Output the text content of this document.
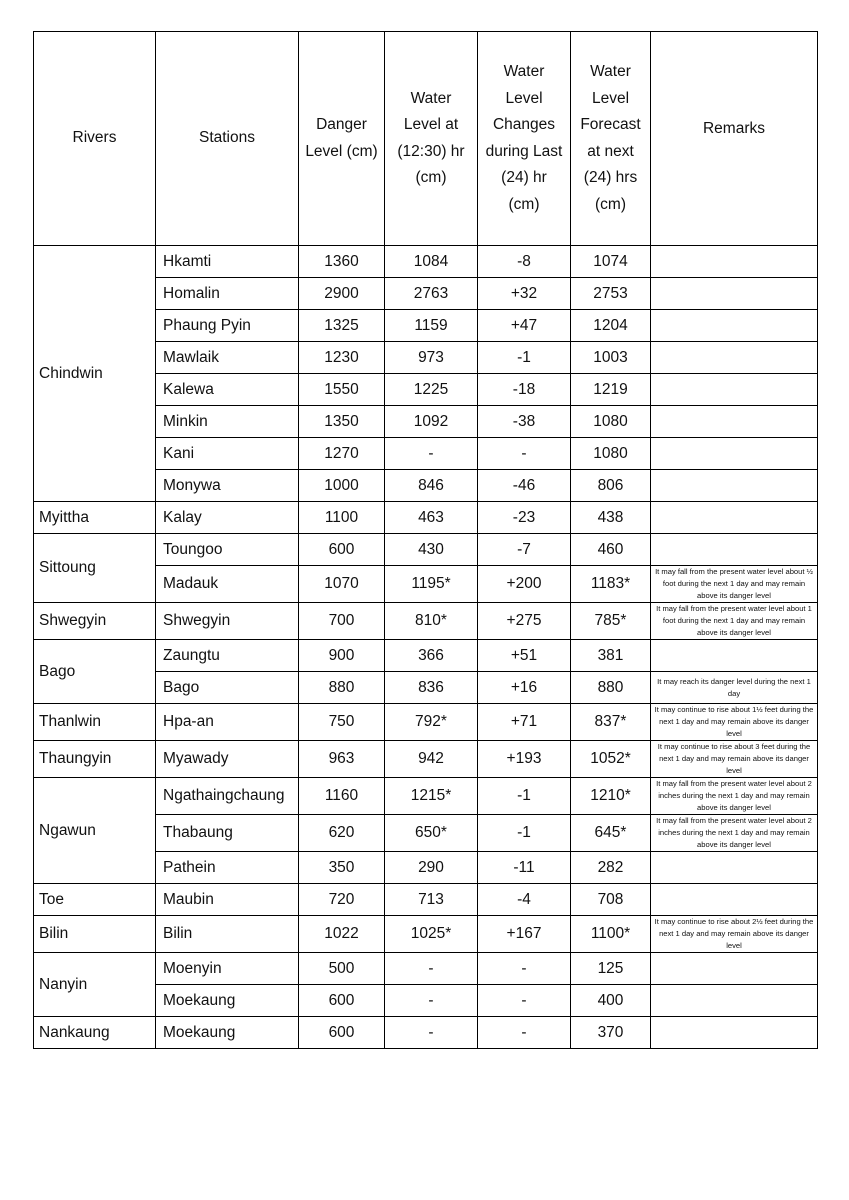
Rivers	Stations	Danger Level (cm)	Water Level at (12:30) hr (cm)	Water Level Changes during Last (24) hr (cm)	Water Level Forecast at next (24) hrs (cm)	Remarks
Chindwin	Hkamti	1360	1084	-8	1074	
	Homalin	2900	2763	+32	2753	
	Phaung Pyin	1325	1159	+47	1204	
	Mawlaik	1230	973	-1	1003	
	Kalewa	1550	1225	-18	1219	
	Minkin	1350	1092	-38	1080	
	Kani	1270	-	-	1080	
	Monywa	1000	846	-46	806	
Myittha	Kalay	1100	463	-23	438	
Sittoung	Toungoo	600	430	-7	460	
	Madauk	1070	1195*	+200	1183*	It may fall from the present water level about ½ foot during the next 1 day and may remain above its danger level
Shwegyin	Shwegyin	700	810*	+275	785*	It may fall from the present water level about 1 foot during the next 1 day and may remain above its danger level
Bago	Zaungtu	900	366	+51	381	
	Bago	880	836	+16	880	It may reach its danger level during the next 1 day
Thanlwin	Hpa-an	750	792*	+71	837*	It may continue to rise about 1½ feet during the next 1 day and may remain above its danger level
Thaungyin	Myawady	963	942	+193	1052*	It may continue to rise about 3 feet during the next 1 day and may remain above its danger level
Ngawun	Ngathaingchaung	1160	1215*	-1	1210*	It may fall from the present water level about 2 inches during the next 1 day and may remain above its danger level
	Thabaung	620	650*	-1	645*	It may fall from the present water level about 2 inches during the next 1 day and may remain above its danger level
	Pathein	350	290	-11	282	
Toe	Maubin	720	713	-4	708	
Bilin	Bilin	1022	1025*	+167	1100*	It may continue to rise about 2½ feet during the next 1 day and may remain above its danger level
Nanyin	Moenyin	500	-	-	125	
	Moekaung	600	-	-	400	
Nankaung	Moekaung	600	-	-	370	
